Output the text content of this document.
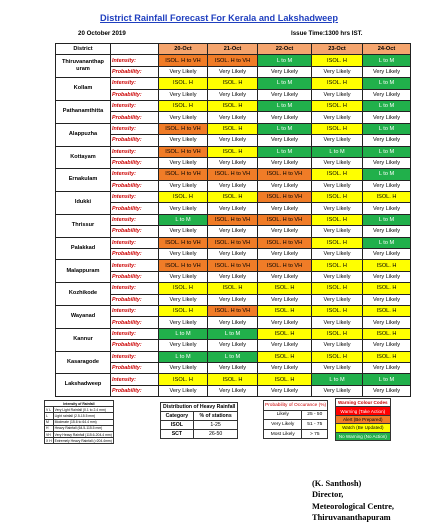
District Rainfall Forecast For Kerala and Lakshadweep
20 October 2019	Issue Time:1300 hrs IST.
District		20-Oct	21-Oct	22-Oct	23-Oct	24-Oct
Thiruvananthap uram	Intensity:	ISOL. H to VH	ISOL. H to VH	L to M	ISOL. H	L to M
	Probability:	Very Likely	Very Likely	Very Likely	Very Likely	Very Likely
Kollam	Intensity:	ISOL. H	ISOL. H	L to M	ISOL. H	L to M
	Probability:	Very Likely	Very Likely	Very Likely	Very Likely	Very Likely
Pathanamthitta	Intensity:	ISOL. H	ISOL. H	L to M	ISOL. H	L to M
	Probability:	Very Likely	Very Likely	Very Likely	Very Likely	Very Likely
Alappuzha	Intensity:	ISOL. H to VH	ISOL. H	L to M	ISOL. H	L to M
	Probability:	Very Likely	Very Likely	Very Likely	Very Likely	Very Likely
Kottayam	Intensity:	ISOL. H to VH	ISOL. H	L to M	L to M	L to M
	Probability:	Very Likely	Very Likely	Very Likely	Very Likely	Very Likely
Ernakulam	Intensity:	ISOL. H to VH	ISOL. H to VH	ISOL. H to VH	ISOL. H	L to M
	Probability:	Very Likely	Very Likely	Very Likely	Very Likely	Very Likely
Idukki	Intensity:	ISOL. H	ISOL. H	ISOL. H to VH	ISOL. H	ISOL. H
	Probability:	Very Likely	Very Likely	Very Likely	Very Likely	Very Likely
Thrissur	Intensity:	L to M	ISOL. H to VH	ISOL. H to VH	ISOL. H	L to M
	Probability:	Very Likely	Very Likely	Very Likely	Very Likely	Very Likely
Palakkad	Intensity:	ISOL. H to VH	ISOL. H to VH	ISOL. H to VH	ISOL. H	L to M
	Probability:	Very Likely	Very Likely	Very Likely	Very Likely	Very Likely
Malappuram	Intensity:	ISOL. H to VH	ISOL. H to VH	ISOL. H to VH	ISOL. H	ISOL. H
	Probability:	Very Likely	Very Likely	Very Likely	Very Likely	Very Likely
Kozhikode	Intensity:	ISOL. H	ISOL. H	ISOL. H	ISOL. H	ISOL. H
	Probability:	Very Likely	Very Likely	Very Likely	Very Likely	Very Likely
Wayanad	Intensity:	ISOL. H	ISOL. H to VH	ISOL. H	ISOL. H	ISOL. H
	Probability:	Very Likely	Very Likely	Very Likely	Very Likely	Very Likely
Kannur	Intensity:	L to M	L to M	ISOL. H	ISOL. H	ISOL. H
	Probability:	Very Likely	Very Likely	Very Likely	Very Likely	Very Likely
Kasaragode	Intensity:	L to M	L to M	ISOL. H	ISOL. H	ISOL. H
	Probability:	Very Likely	Very Likely	Very Likely	Very Likely	Very Likely
Lakshadweep	Intensity:	ISOL. H	ISOL. H	ISOL. H	L to M	L to M
	Probability:	Very Likely	Very Likely	Very Likely	Very Likely	Very Likely
Intensity of Rainfall	
V L	Very Light Rainfall (0.1 to 2.4 mm)
L	Light rainfall (2.5-15.5 mm)
M	Moderate (15.6 to 64.4 mm)
H	Heavy Rainfall (64.5-115.5 mm)
VH	Very Heavy Rainfall (115.6-204.4 mm)
X H	Extremely Heavy Rainfall (>204.4mm)
Distribution of Heavy Rainfall	
Category	% of stations
ISOL	1-25
SCT	26-50
Probability of Occurance (%)	
Likely	25 - 50
Very Likely	51 - 75
Most Likely	> 75
Warning Colour Codes
Warning (Take Action)
Alert (Be Prepared)
Watch (Be Updated)
No Warning (No Action)
(K. Santhosh)
Director,
Meteorological Centre,
Thiruvananthapuram
